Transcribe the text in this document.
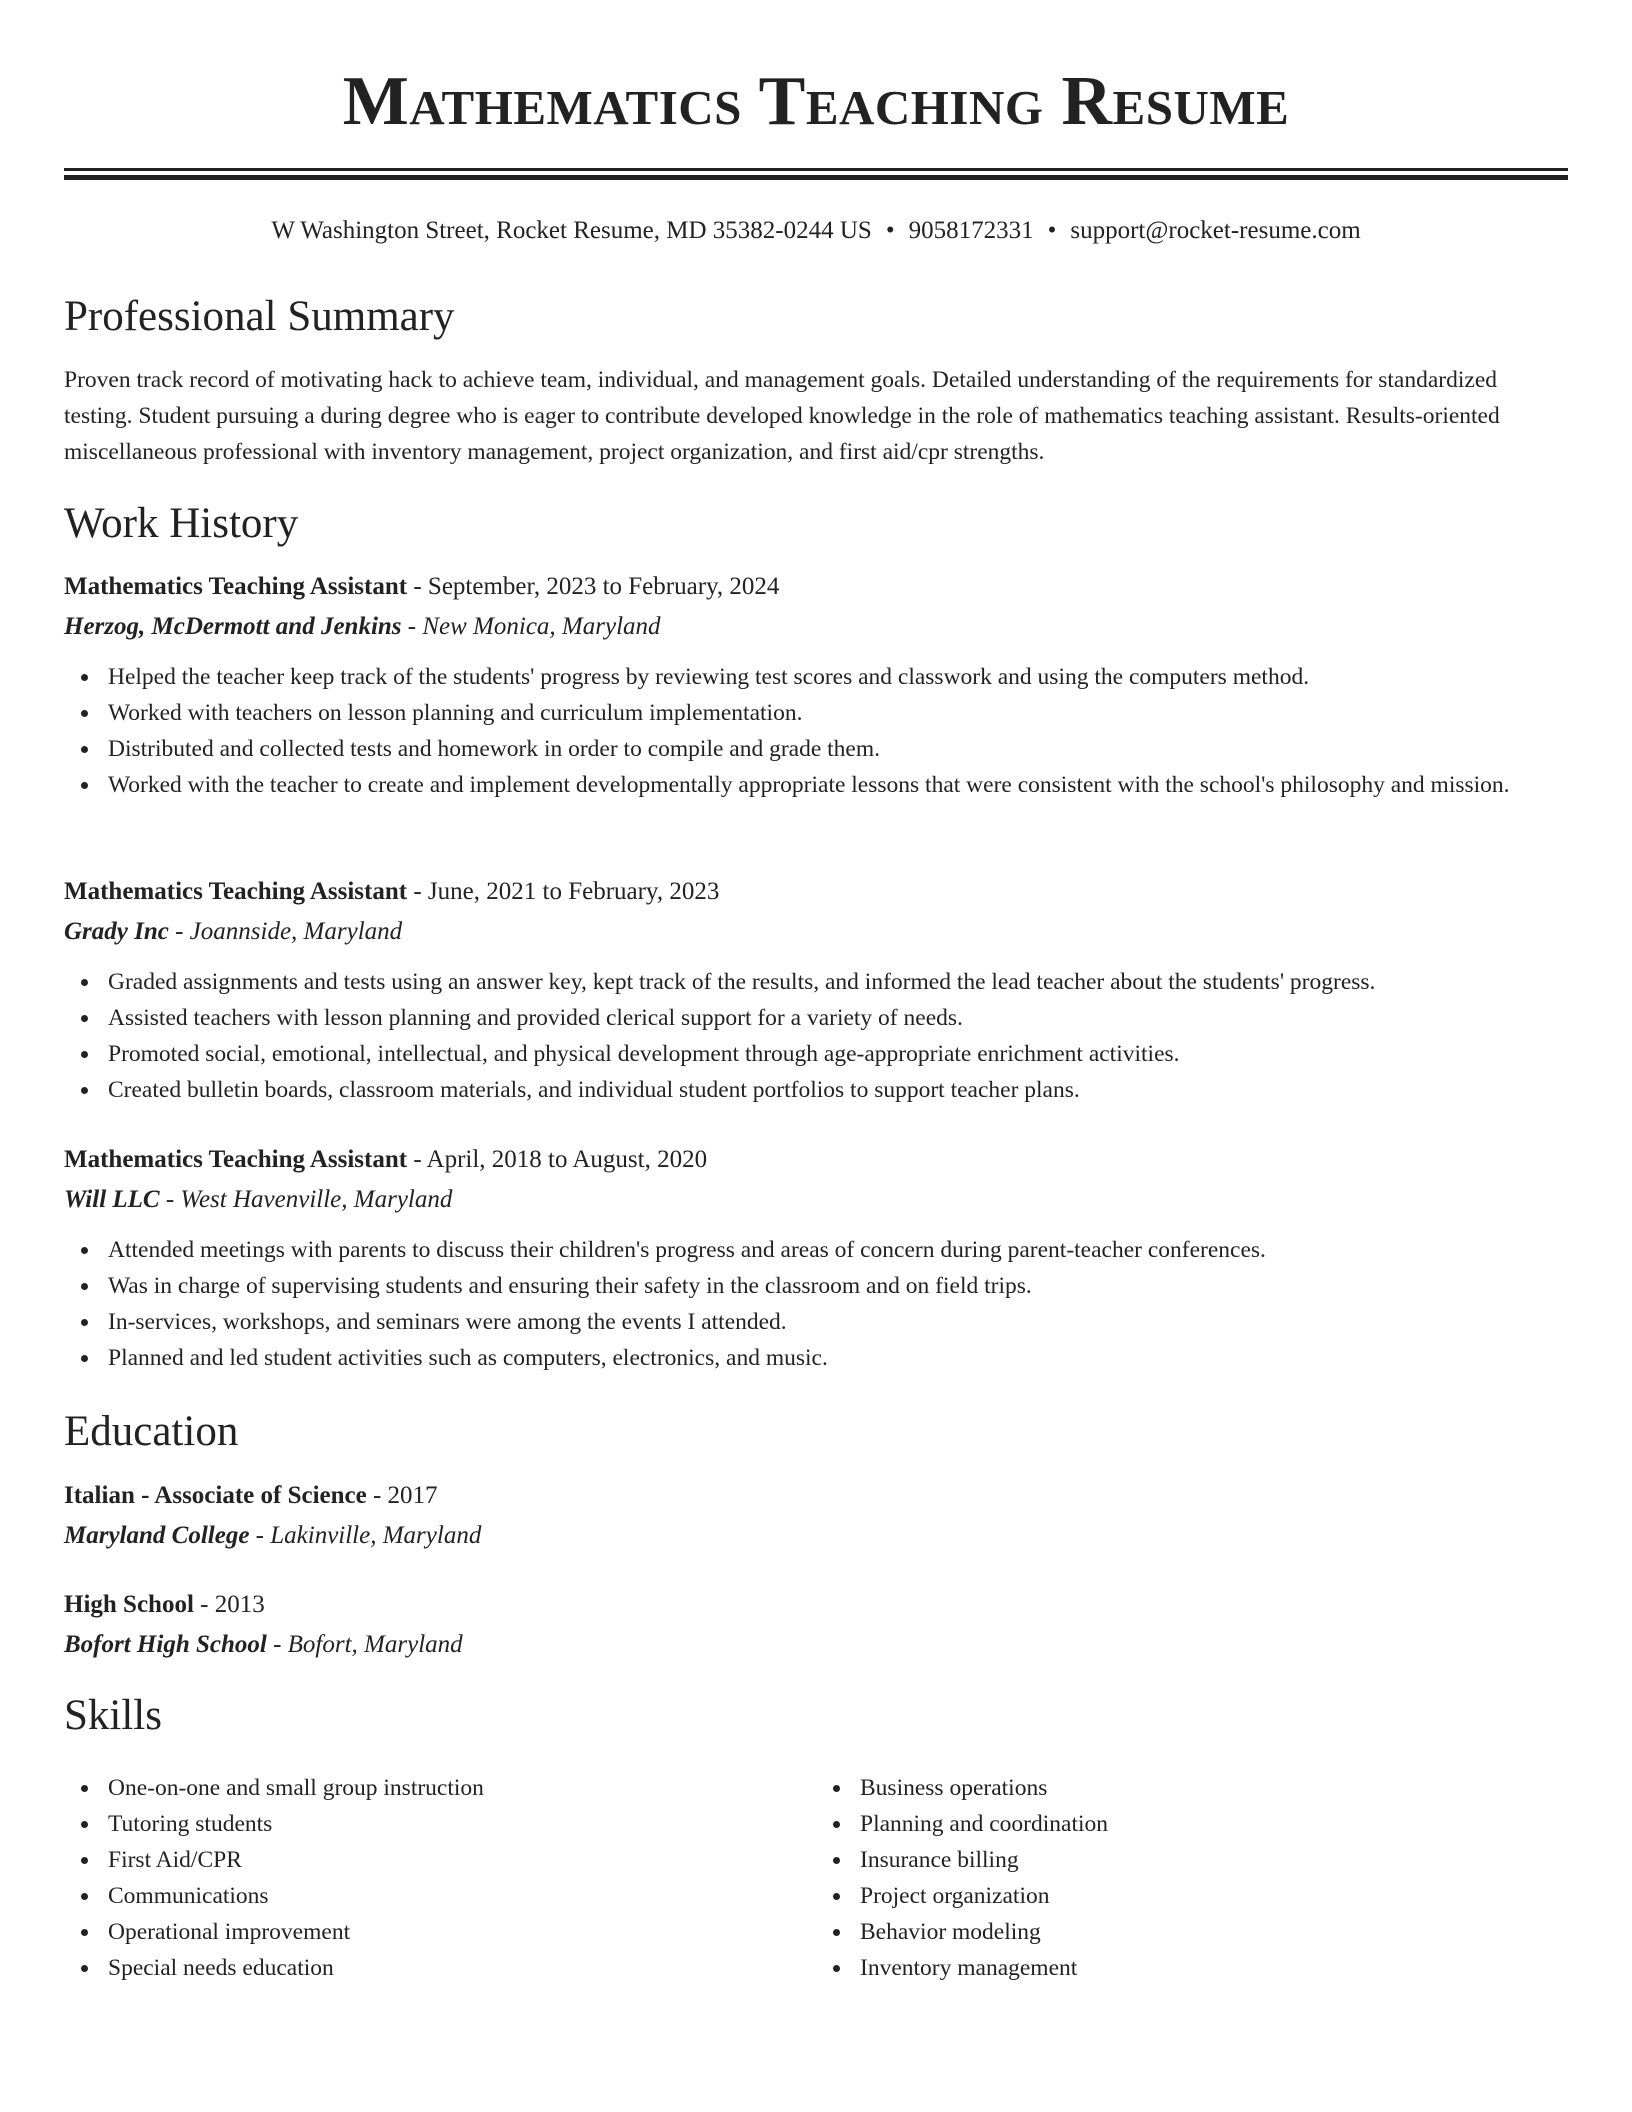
Mathematics Teaching Resume
W Washington Street, Rocket Resume, MD 35382-0244 US • 9058172331 • support@rocket-resume.com
Professional Summary

Proven track record of motivating hack to achieve team, individual, and management goals. Detailed understanding of the requirements for standardized testing. Student pursuing a during degree who is eager to contribute developed knowledge in the role of mathematics teaching assistant. Results-oriented miscellaneous professional with inventory management, project organization, and first aid/cpr strengths.

Work History
Mathematics Teaching Assistant - September, 2023 to February, 2024
Herzog, McDermott and Jenkins - New Monica, Maryland
Helped the teacher keep track of the students' progress by reviewing test scores and classwork and using the computers method.
Worked with teachers on lesson planning and curriculum implementation.
Distributed and collected tests and homework in order to compile and grade them.
Worked with the teacher to create and implement developmentally appropriate lessons that were consistent with the school's philosophy and mission.
Mathematics Teaching Assistant - June, 2021 to February, 2023
Grady Inc - Joannside, Maryland
Graded assignments and tests using an answer key, kept track of the results, and informed the lead teacher about the students' progress.
Assisted teachers with lesson planning and provided clerical support for a variety of needs.
Promoted social, emotional, intellectual, and physical development through age-appropriate enrichment activities.
Created bulletin boards, classroom materials, and individual student portfolios to support teacher plans.
Mathematics Teaching Assistant - April, 2018 to August, 2020
Will LLC - West Havenville, Maryland
Attended meetings with parents to discuss their children's progress and areas of concern during parent-teacher conferences.
Was in charge of supervising students and ensuring their safety in the classroom and on field trips.
In-services, workshops, and seminars were among the events I attended.
Planned and led student activities such as computers, electronics, and music.
Education
Italian - Associate of Science - 2017
Maryland College - Lakinville, Maryland
High School - 2013
Bofort High School - Bofort, Maryland
Skills
One-on-one and small group instruction
Tutoring students
First Aid/CPR
Communications
Operational improvement
Special needs education
Business operations
Planning and coordination
Insurance billing
Project organization
Behavior modeling
Inventory management
